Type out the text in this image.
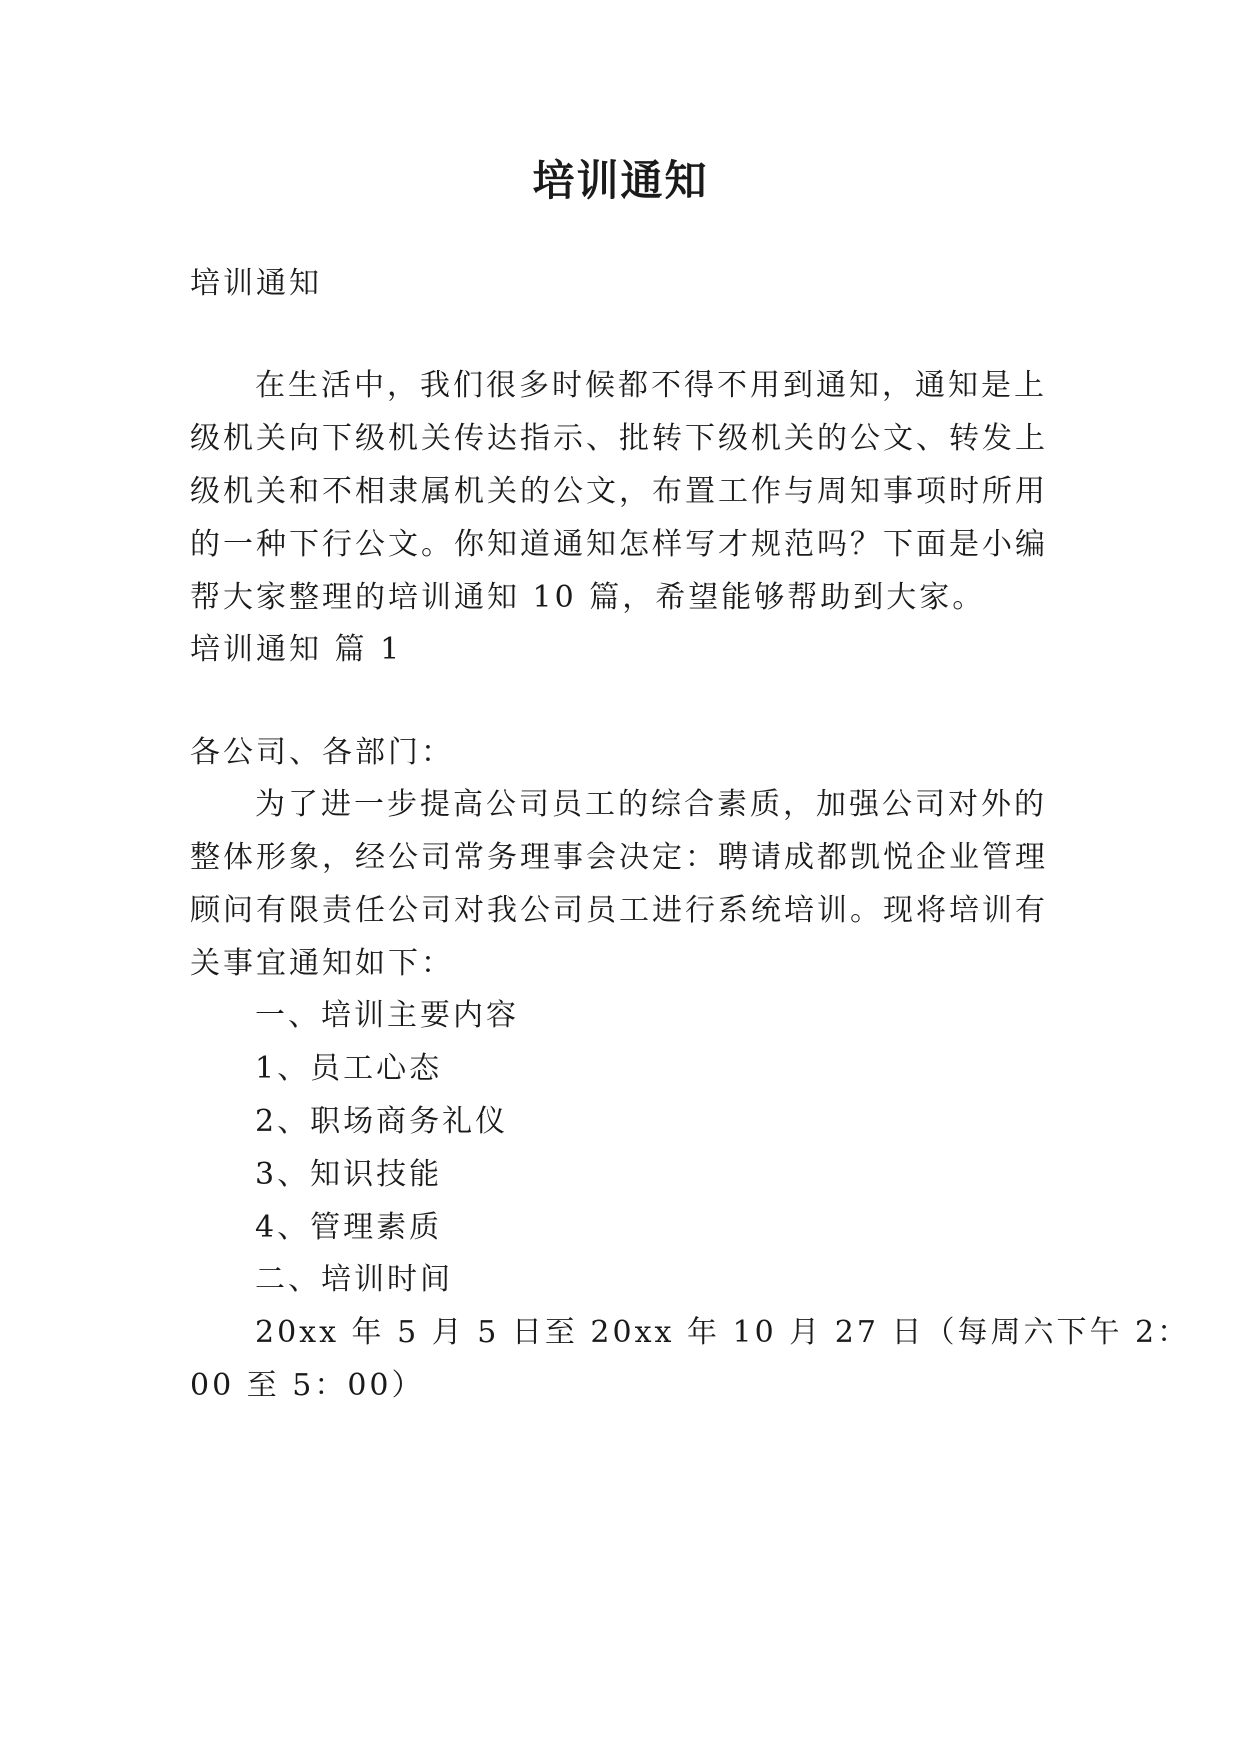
培训通知
培训通知
在生活中，我们很多时候都不得不用到通知，通知是上
级机关向下级机关传达指示、批转下级机关的公文、转发上
级机关和不相隶属机关的公文，布置工作与周知事项时所用
的一种下行公文。你知道通知怎样写才规范吗？下面是小编
帮大家整理的培训通知 10 篇，希望能够帮助到大家。
培训通知 篇 1
各公司、各部门：
为了进一步提高公司员工的综合素质，加强公司对外的
整体形象，经公司常务理事会决定：聘请成都凯悦企业管理
顾问有限责任公司对我公司员工进行系统培训。现将培训有
关事宜通知如下：
一、培训主要内容
1、员工心态
2、职场商务礼仪
3、知识技能
4、管理素质
二、培训时间
20xx 年 5 月 5 日至 20xx 年 10 月 27 日（每周六下午 2：
00 至 5：00）
